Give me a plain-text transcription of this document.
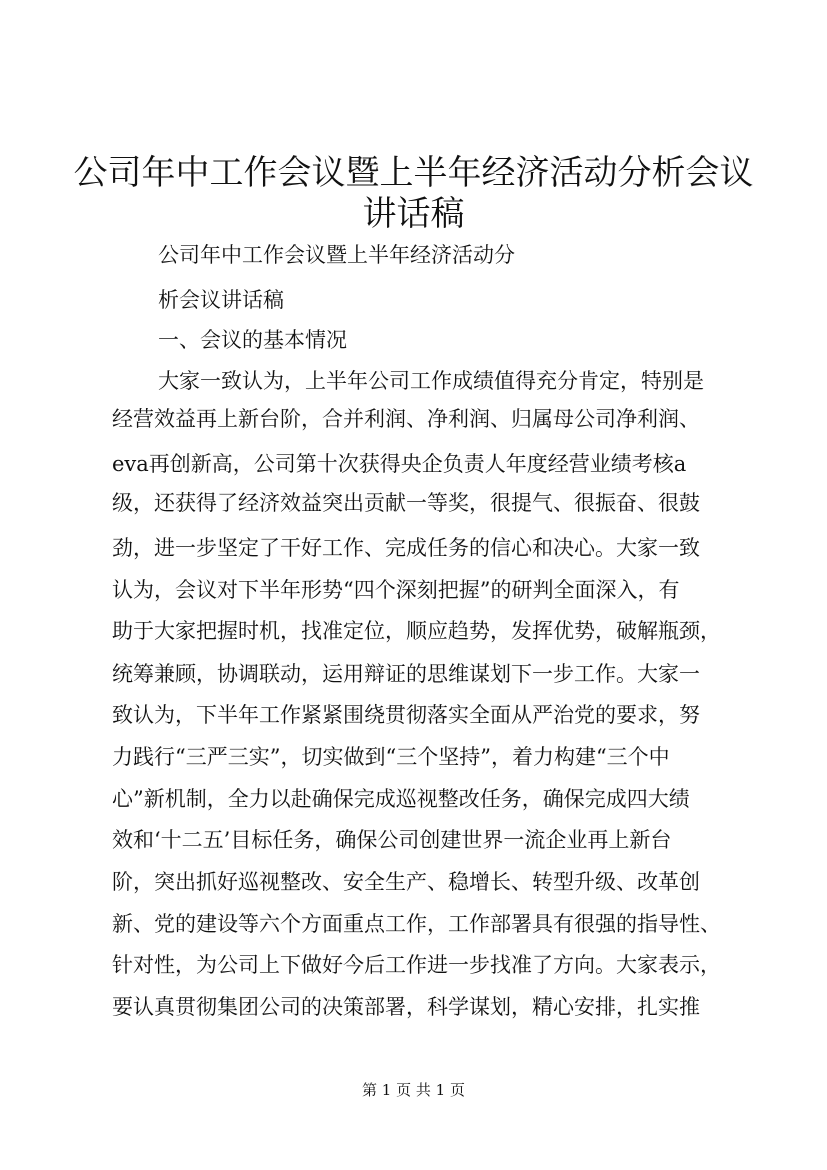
公司年中工作会议暨上半年经济活动分析会议
讲话稿
公司年中工作会议暨上半年经济活动分
析会议讲话稿
一、会议的基本情况
大家一致认为，上半年公司工作成绩值得充分肯定，特别是
经营效益再上新台阶，合并利润、净利润、归属母公司净利润、
eva再创新高，公司第十次获得央企负责人年度经营业绩考核a
级，还获得了经济效益突出贡献一等奖，很提气、很振奋、很鼓
劲，进一步坚定了干好工作、完成任务的信心和决心。大家一致
认为，会议对下半年形势“四个深刻把握”的研判全面深入，有
助于大家把握时机，找准定位，顺应趋势，发挥优势，破解瓶颈，
统筹兼顾，协调联动，运用辩证的思维谋划下一步工作。大家一
致认为，下半年工作紧紧围绕贯彻落实全面从严治党的要求，努
力践行“三严三实”，切实做到“三个坚持”，着力构建“三个中
心”新机制，全力以赴确保完成巡视整改任务，确保完成四大绩
效和‘十二五’目标任务，确保公司创建世界一流企业再上新台
阶，突出抓好巡视整改、安全生产、稳增长、转型升级、改革创
新、党的建设等六个方面重点工作，工作部署具有很强的指导性、
针对性，为公司上下做好今后工作进一步找准了方向。大家表示，
要认真贯彻集团公司的决策部署，科学谋划，精心安排，扎实推
第 1 页 共 1 页
